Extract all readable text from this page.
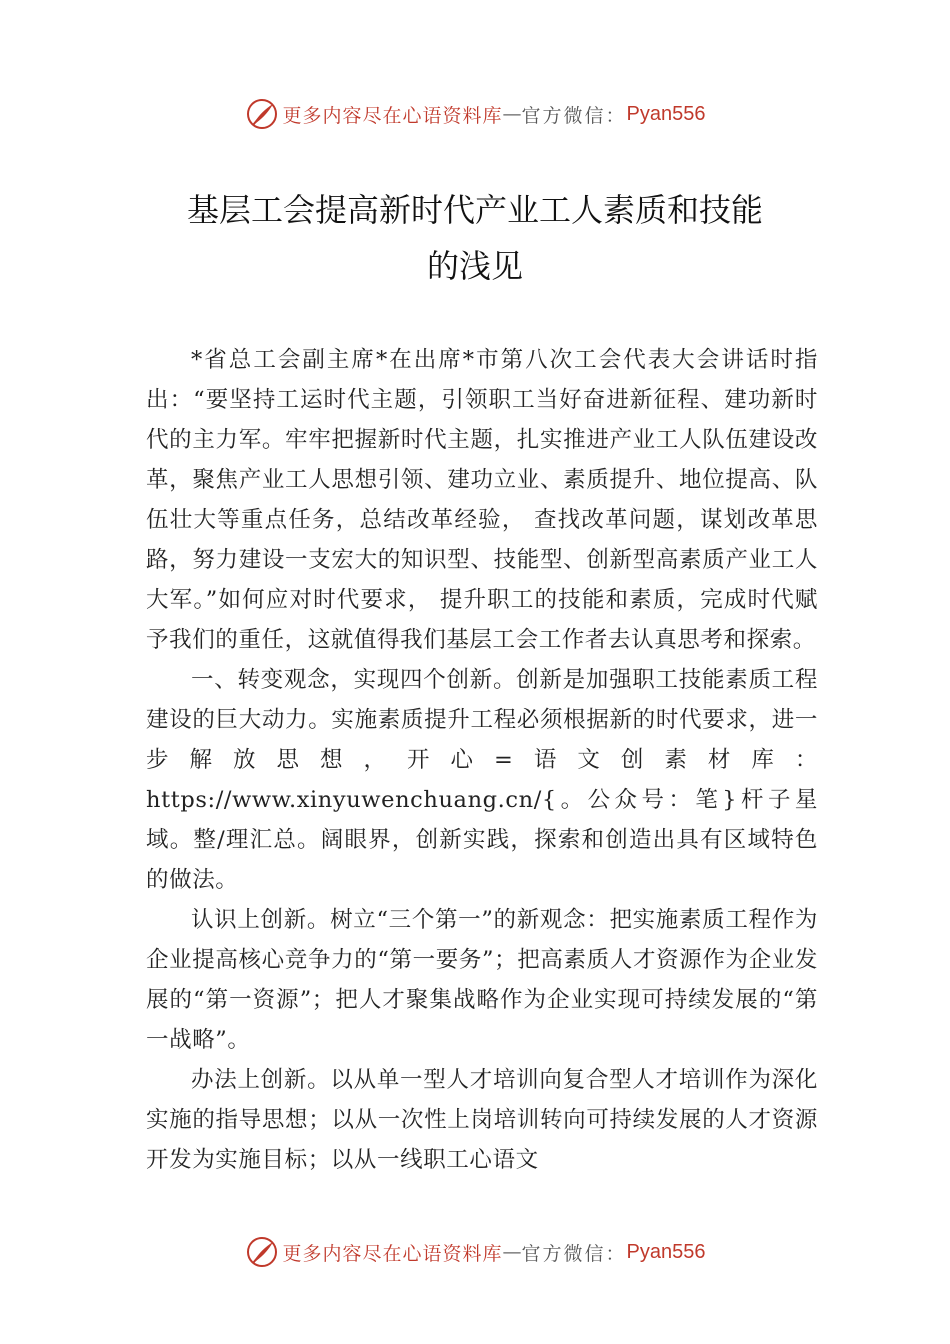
更多内容尽在心语资料库 — 官方微信： Pyan556
基层工会提高新时代产业工人素质和技能
的浅见

*省总工会副主席*在出席*市第八次工会代表大会讲话时指出：“要坚持工运时代主题，引领职工当好奋进新征程、建功新时代的主力军。牢牢把握新时代主题，扎实推进产业工人队伍建设改革，聚焦产业工人思想引领、建功立业、素质提升、地位提高、队伍壮大等重点任务，总结改革经验， 查找改革问题，谋划改革思路，努力建设一支宏大的知识型、技能型、创新型高素质产业工人大军。”如何应对时代要求， 提升职工的技能和素质，完成时代赋予我们的重任，这就值得我们基层工会工作者去认真思考和探索。

一、转变观念，实现四个创新。创新是加强职工技能素质工程建设的巨大动力。实施素质提升工程必须根据新的时代要求，进一步解放思想，开心=语文创素材库：https://www.xinyuwenchuang.cn/{。公众号：笔}杆子星域。整/理汇总。阔眼界，创新实践，探索和创造出具有区域特色的做法。

认识上创新。树立“三个第一”的新观念：把实施素质工程作为企业提高核心竞争力的“第一要务”；把高素质人才资源作为企业发展的“第一资源”；把人才聚集战略作为企业实现可持续发展的“第一战略”。

办法上创新。以从单一型人才培训向复合型人才培训作为深化实施的指导思想；以从一次性上岗培训转向可持续发展的人才资源开发为实施目标；以从一线职工心语文

更多内容尽在心语资料库 — 官方微信： Pyan556
